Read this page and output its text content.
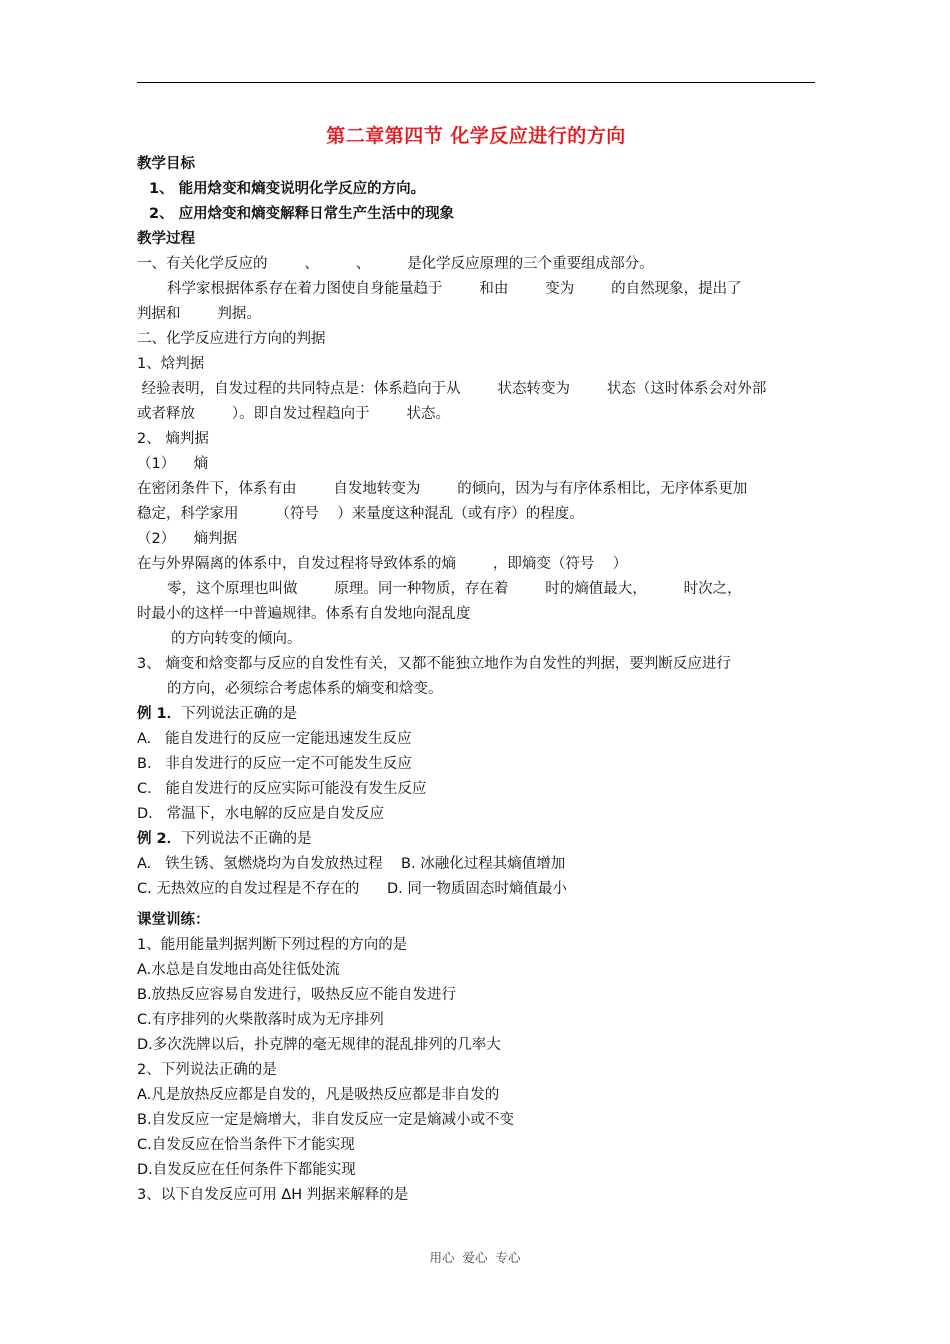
第二章第四节 化学反应进行的方向

教学目标

1、 能用焓变和熵变说明化学反应的方向。

2、 应用焓变和熵变解释日常生产生活中的现象

教学过程

一、有关化学反应的        、        、        是化学反应原理的三个重要组成部分。

科学家根据体系存在着力图使自身能量趋于        和由        变为        的自然现象，提出了

判据和        判据。

二、化学反应进行方向的判据

1、焓判据

经验表明，自发过程的共同特点是：体系趋向于从        状态转变为        状态（这时体系会对外部

或者释放        ）。即自发过程趋向于        状态。

2、 熵判据

（1）    熵

在密闭条件下，体系有由        自发地转变为        的倾向，因为与有序体系相比，无序体系更加

稳定，科学家用        （符号    ）来量度这种混乱（或有序）的程度。

（2）    熵判据

在与外界隔离的体系中，自发过程将导致体系的熵        ，即熵变（符号    ）

零，这个原理也叫做        原理。同一种物质，存在着        时的熵值最大，        时次之，

时最小的这样一中普遍规律。体系有自发地向混乱度

的方向转变的倾向。

3、 熵变和焓变都与反应的自发性有关，又都不能独立地作为自发性的判据，要判断反应进行

的方向，必须综合考虑体系的熵变和焓变。

例 1．下列说法正确的是

A.   能自发进行的反应一定能迅速发生反应

B.   非自发进行的反应一定不可能发生反应

C.   能自发进行的反应实际可能没有发生反应

D.   常温下，水电解的反应是自发反应

例 2．下列说法不正确的是

A.   铁生锈、氢燃烧均为自发放热过程    B. 冰融化过程其熵值增加

C. 无热效应的自发过程是不存在的      D. 同一物质固态时熵值最小

课堂训练：

1、能用能量判据判断下列过程的方向的是

A.水总是自发地由高处往低处流

B.放热反应容易自发进行，吸热反应不能自发进行

C.有序排列的火柴散落时成为无序排列

D.多次洗牌以后，扑克牌的毫无规律的混乱排列的几率大

2、下列说法正确的是

A.凡是放热反应都是自发的，凡是吸热反应都是非自发的

B.自发反应一定是熵增大，非自发反应一定是熵减小或不变

C.自发反应在恰当条件下才能实现

D.自发反应在任何条件下都能实现

3、以下自发反应可用 ΔH 判据来解释的是

用心  爱心  专心
